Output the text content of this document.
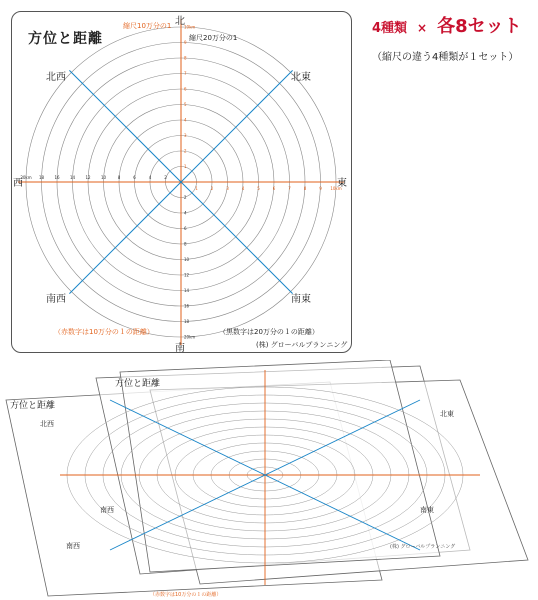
1
2
1
2
2
4
2
4
3
6
3
6
4
8
4
8
5
10
5
10
6
12
6
12
7
14
7
14
8
16
8
16
9
18
9
18
10km
20km
10km
20km
方位と距離
北
南
東
西
北西	北東
南西	南東
縮尺10万分の1
縮尺20万分の1
（赤数字は10万分の１の距離）	（黒数字は20万分の１の距離）
(株) グローバルプランニング
4種類 × 各8セット
（縮尺の違う4種類が１セット）
方位と距離
方位と距離
北西
北東
南西	南東
南西	(株) グローバルプランニング
（赤数字は10万分の１の距離）
